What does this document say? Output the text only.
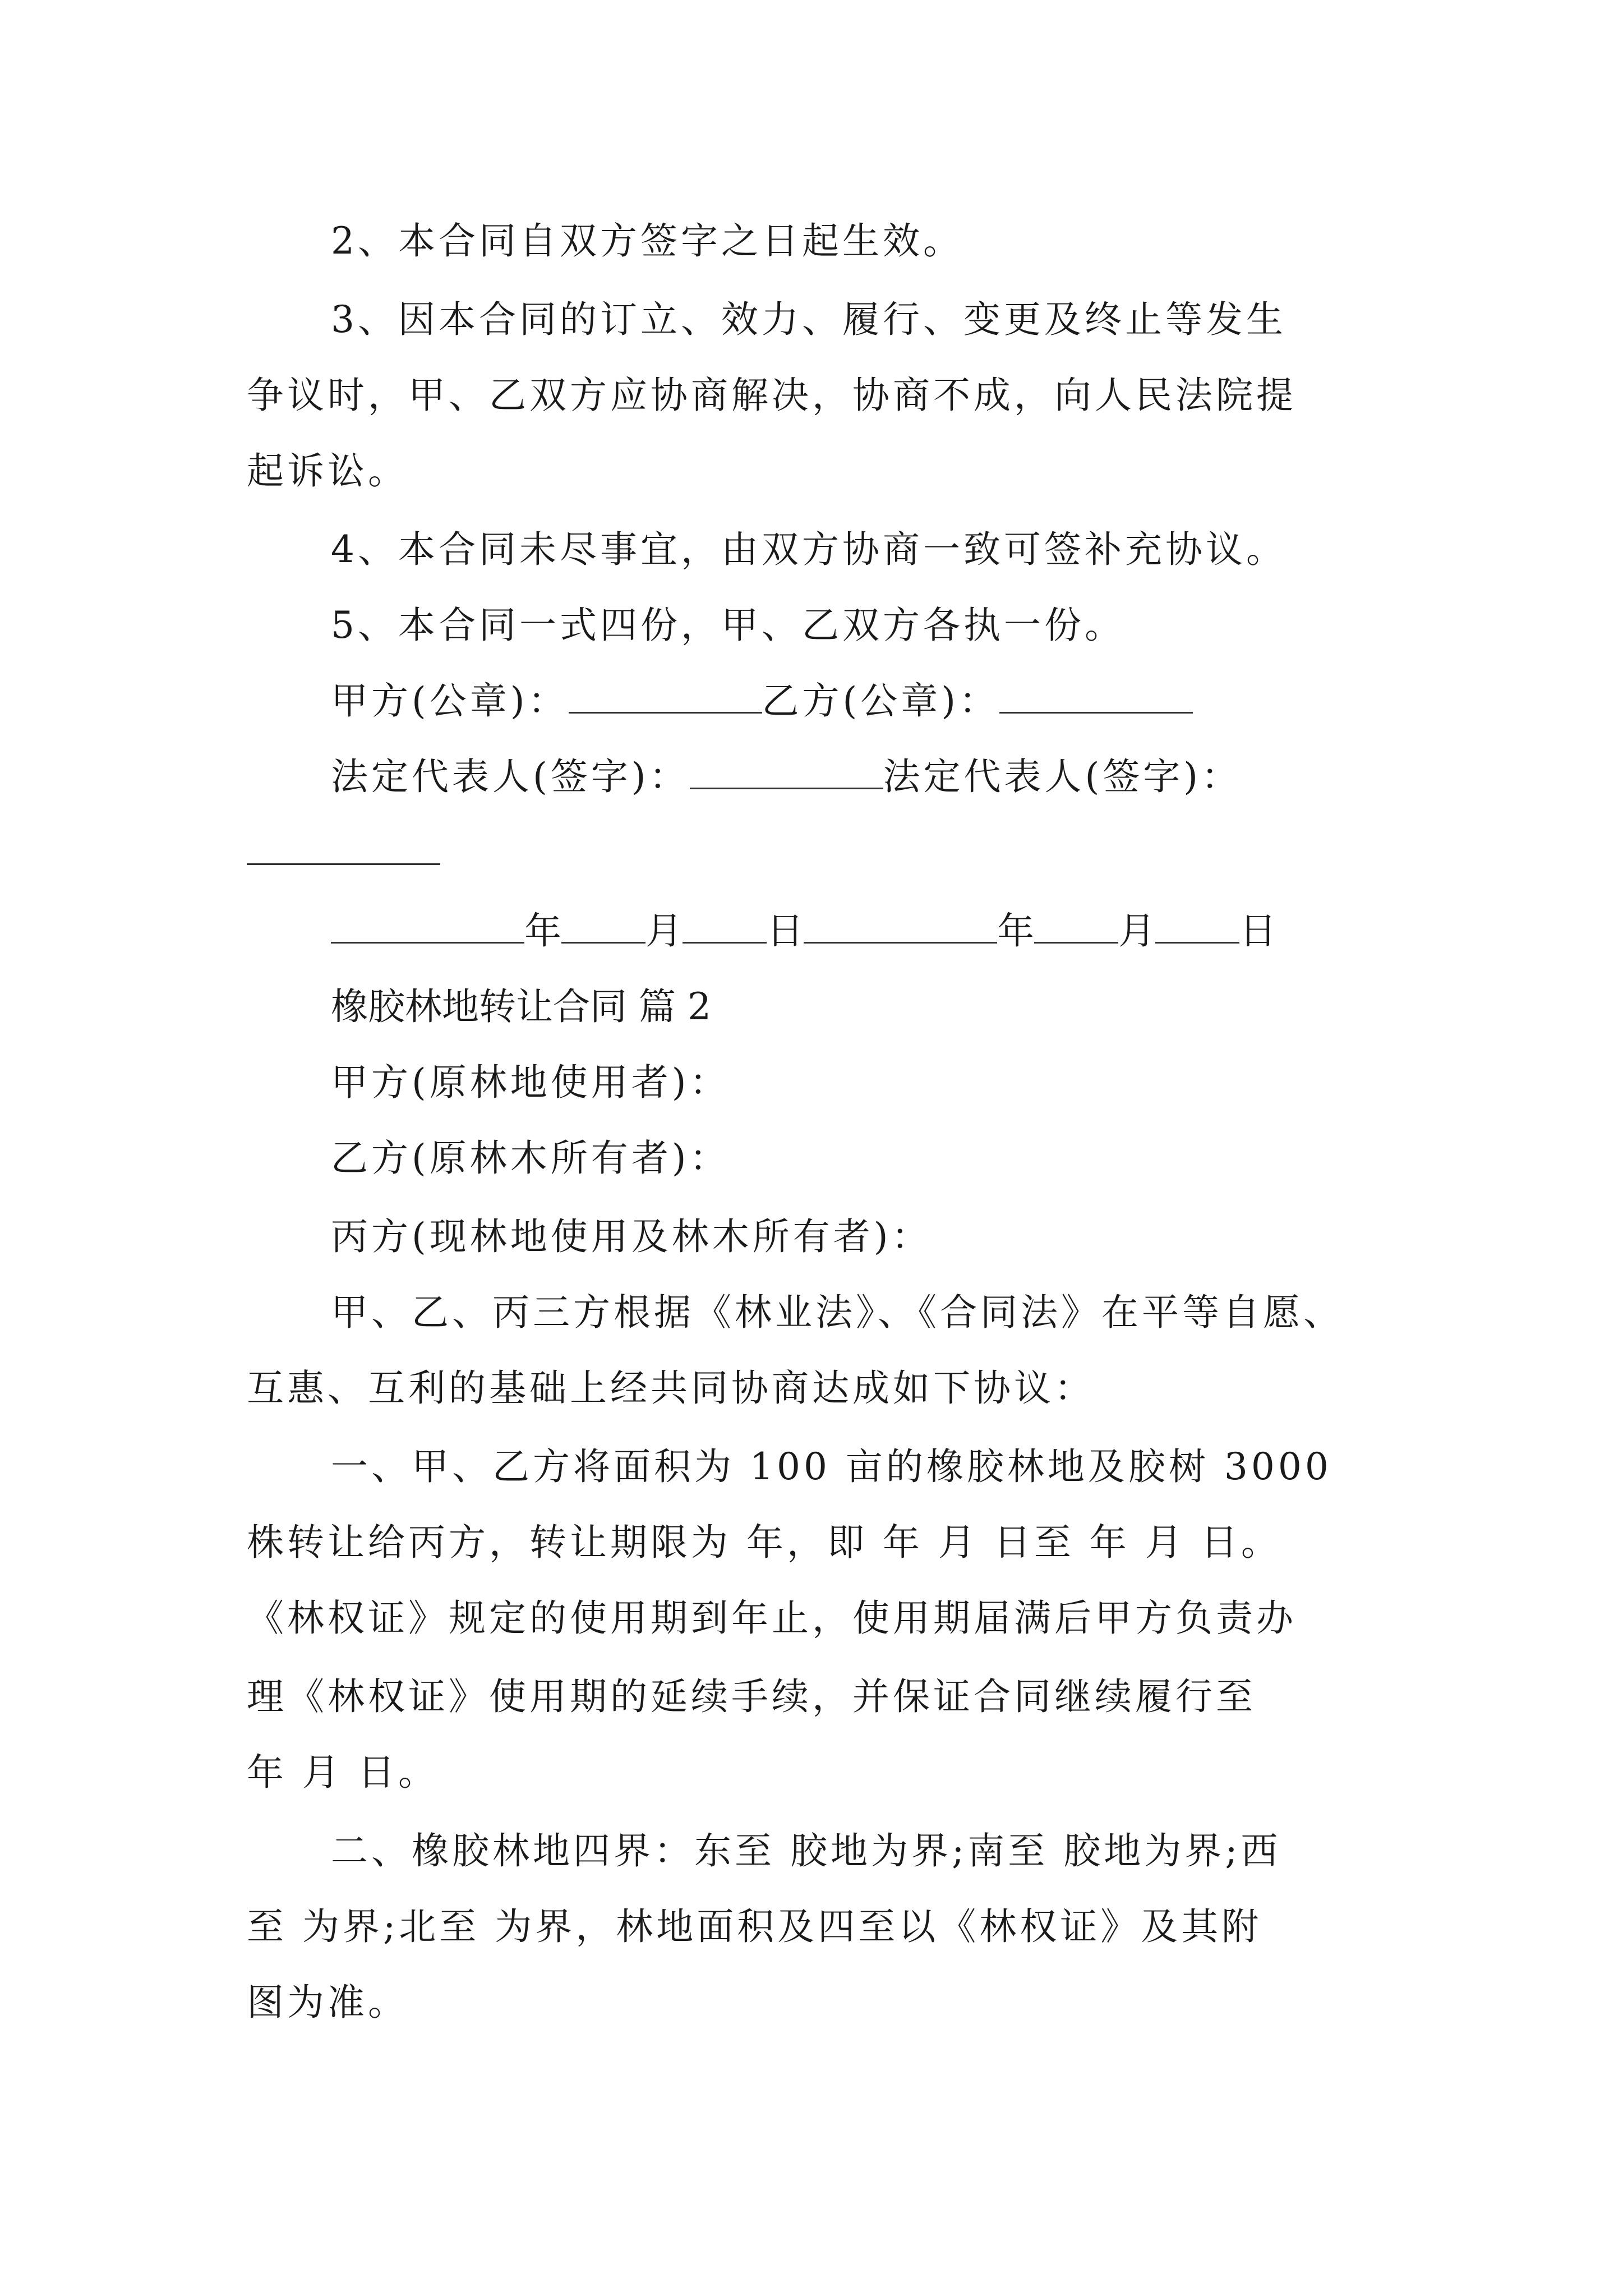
2、本合同自双方签字之日起生效。
3、因本合同的订立、效力、履行、变更及终止等发生
争议时，甲、乙双方应协商解决，协商不成，向人民法院提
起诉讼。
4、本合同未尽事宜，由双方协商一致可签补充协议。
5、本合同一式四份，甲、乙双方各执一份。
甲方(公章)：	乙方(公章)：
法定代表人(签字)：	法定代表人(签字)：
年 月 日	年 月 日
橡胶林地转让合同 篇 2
甲方(原林地使用者)：
乙方(原林木所有者)：
丙方(现林地使用及林木所有者)：
甲、乙、丙三方根据《林业法》、《合同法》在平等自愿、
互惠、互利的基础上经共同协商达成如下协议：
一、甲、乙方将面积为 100 亩的橡胶林地及胶树 3000
株转让给丙方，转让期限为 年，即 年 月 日至 年 月 日。
《林权证》规定的使用期到年止，使用期届满后甲方负责办
理《林权证》使用期的延续手续，并保证合同继续履行至
年 月 日。
二、橡胶林地四界：东至 胶地为界;南至 胶地为界;西
至 为界;北至 为界，林地面积及四至以《林权证》及其附
图为准。
